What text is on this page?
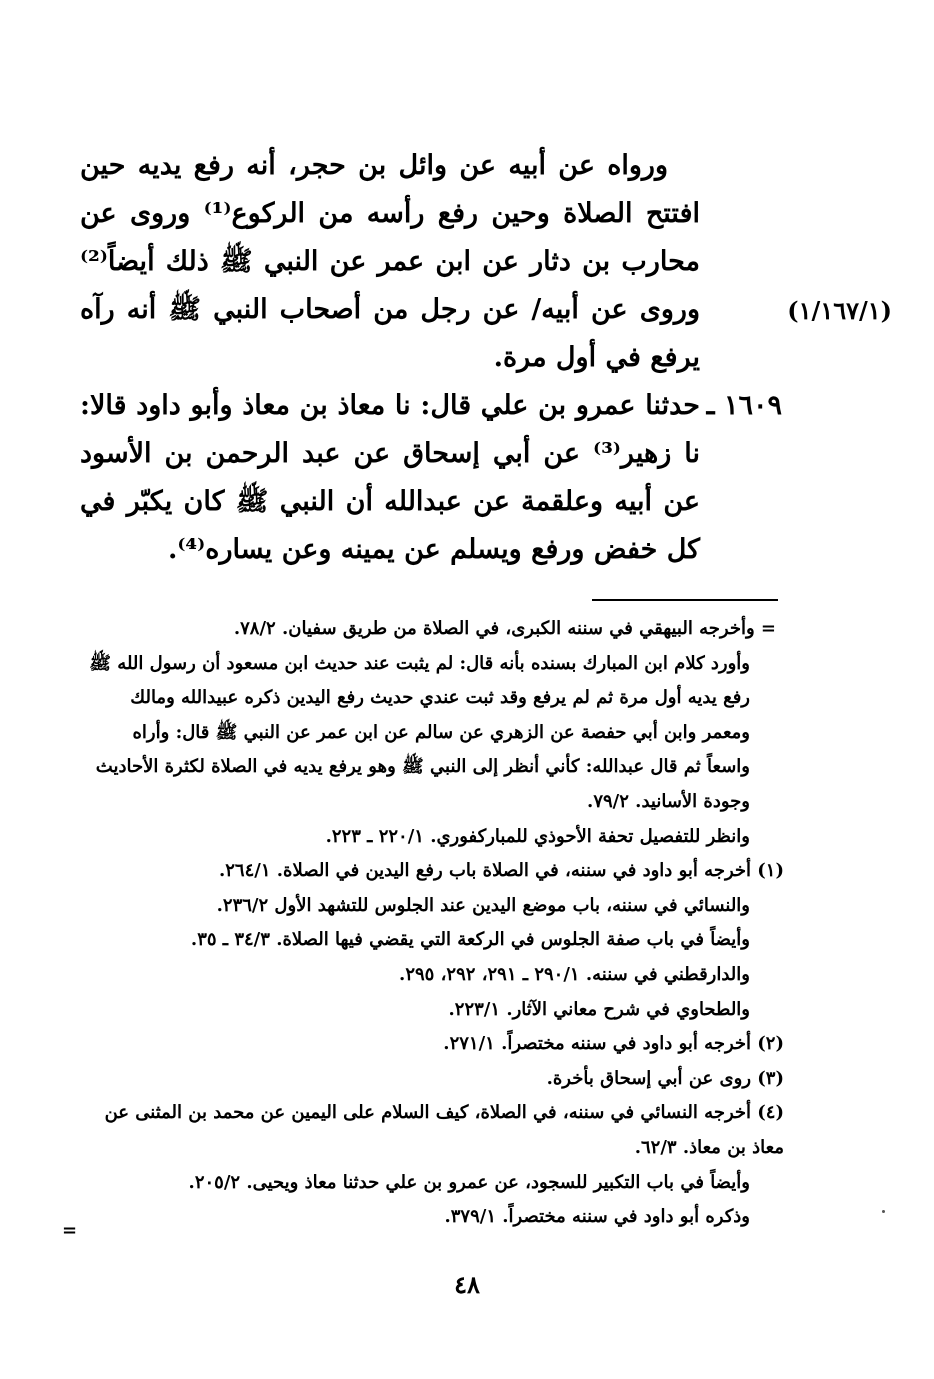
ورواه عن أبيه عن وائل بن حجر، أنه رفع يديه حين افتتح الصلاة وحين رفع رأسه من الركوع⁽¹⁾ وروى عن محارب بن دثار عن ابن عمر عن النبي ﷺ ذلك أيضاً⁽²⁾ وروى عن أبيه/ عن رجل من أصحاب النبي ﷺ أنه رآه يرفع في أول مرة.

١٦٠٩ ـ

حدثنا عمرو بن علي قال: نا معاذ بن معاذ وأبو داود قالا: نا زهير⁽³⁾ عن أبي إسحاق عن عبد الرحمن بن الأسود عن أبيه وعلقمة عن عبدالله أن النبي ﷺ كان يكبّر في كل خفض ورفع ويسلم عن يمينه وعن يساره⁽⁴⁾.

(١/١٦٧/١)

= وأخرجه البيهقي في سننه الكبرى، في الصلاة من طريق سفيان. ٧٨/٢.

وأورد كلام ابن المبارك بسنده بأنه قال: لم يثبت عند حديث ابن مسعود أن رسول الله ﷺ رفع يديه أول مرة ثم لم يرفع وقد ثبت عندي حديث رفع اليدين ذكره عبيدالله ومالك ومعمر وابن أبي حفصة عن الزهري عن سالم عن ابن عمر عن النبي ﷺ قال: وأراه واسعاً ثم قال عبدالله: كأني أنظر إلى النبي ﷺ وهو يرفع يديه في الصلاة لكثرة الأحاديث وجودة الأسانيد. ٧٩/٢.

وانظر للتفصيل تحفة الأحوذي للمباركفوري. ٢٢٠/١ ـ ٢٢٣.

(١) أخرجه أبو داود في سننه، في الصلاة باب رفع اليدين في الصلاة. ٢٦٤/١.

والنسائي في سننه، باب موضع اليدين عند الجلوس للتشهد الأول ٢٣٦/٢.

وأيضاً في باب صفة الجلوس في الركعة التي يقضي فيها الصلاة. ٣٤/٣ ـ ٣٥.

والدارقطني في سننه. ٢٩٠/١ ـ ٢٩١، ٢٩٢، ٢٩٥.

والطحاوي في شرح معاني الآثار. ٢٢٣/١.

(٢) أخرجه أبو داود في سننه مختصراً. ٢٧١/١.

(٣) روى عن أبي إسحاق بأخرة.

(٤) أخرجه النسائي في سننه، في الصلاة، كيف السلام على اليمين عن محمد بن المثنى عن معاذ بن معاذ. ٦٢/٣.

وأيضاً في باب التكبير للسجود، عن عمرو بن علي حدثنا معاذ ويحيى. ٢٠٥/٢.

وذكره أبو داود في سننه مختصراً. ٣٧٩/١.

=
٤٨
